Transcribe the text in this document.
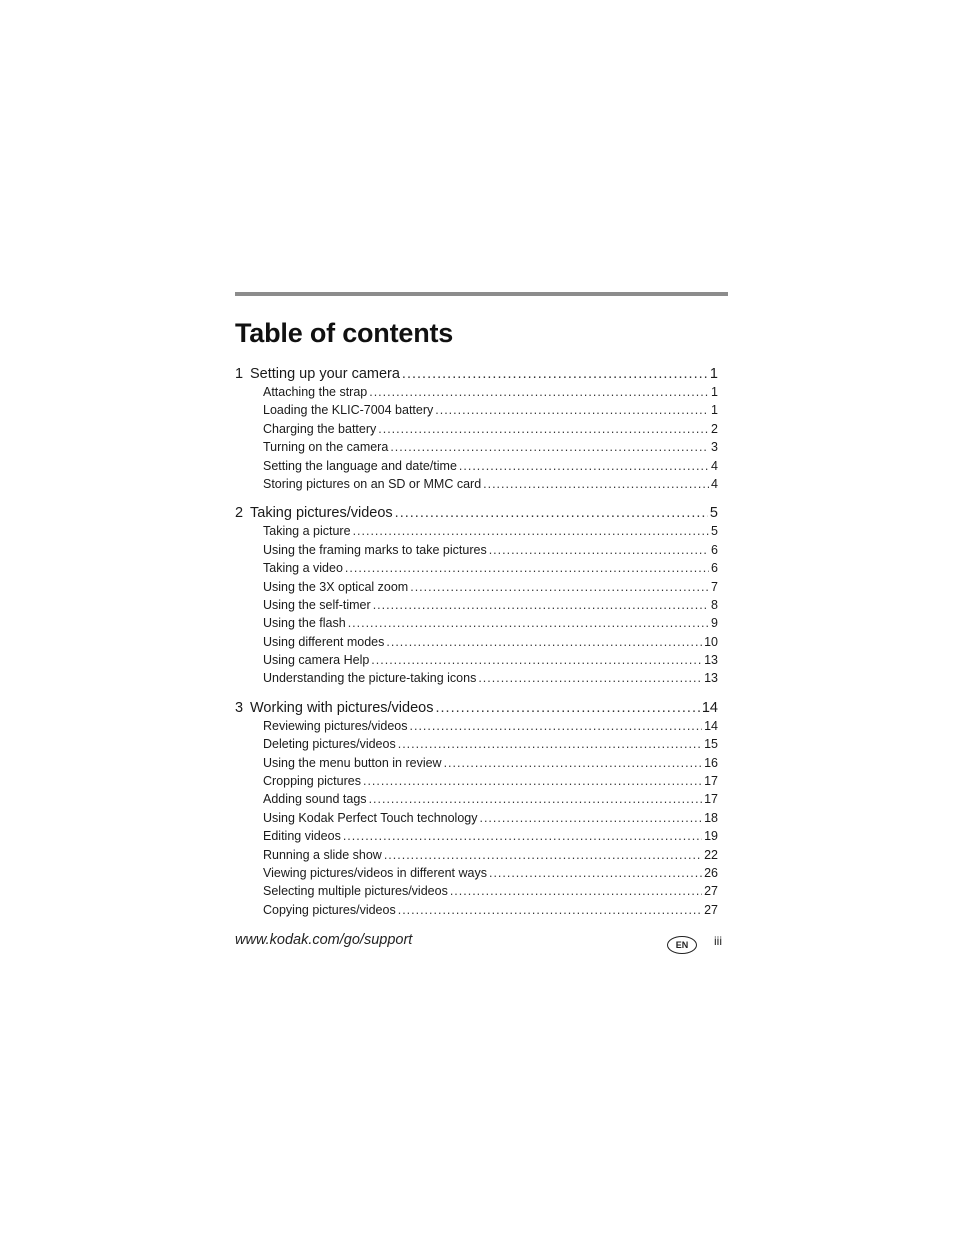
Table of contents
1 Setting up your camera .....	1
Attaching the strap .....	1
Loading the KLIC-7004 battery .....	1
Charging the battery .....	2
Turning on the camera .....	3
Setting the language and date/time .....	4
Storing pictures on an SD or MMC card .....	4
2 Taking pictures/videos .....	5
Taking a picture .....	5
Using the framing marks to take pictures .....	6
Taking a video .....	6
Using the 3X optical zoom .....	7
Using the self-timer .....	8
Using the flash .....	9
Using different modes .....	10
Using camera Help .....	13
Understanding the picture-taking icons .....	13
3 Working with pictures/videos .....	14
Reviewing pictures/videos .....	14
Deleting pictures/videos .....	15
Using the menu button in review .....	16
Cropping pictures .....	17
Adding sound tags .....	17
Using Kodak Perfect Touch technology .....	18
Editing videos .....	19
Running a slide show .....	22
Viewing pictures/videos in different ways .....	26
Selecting multiple pictures/videos .....	27
Copying pictures/videos .....	27
www.kodak.com/go/support	EN	iii
